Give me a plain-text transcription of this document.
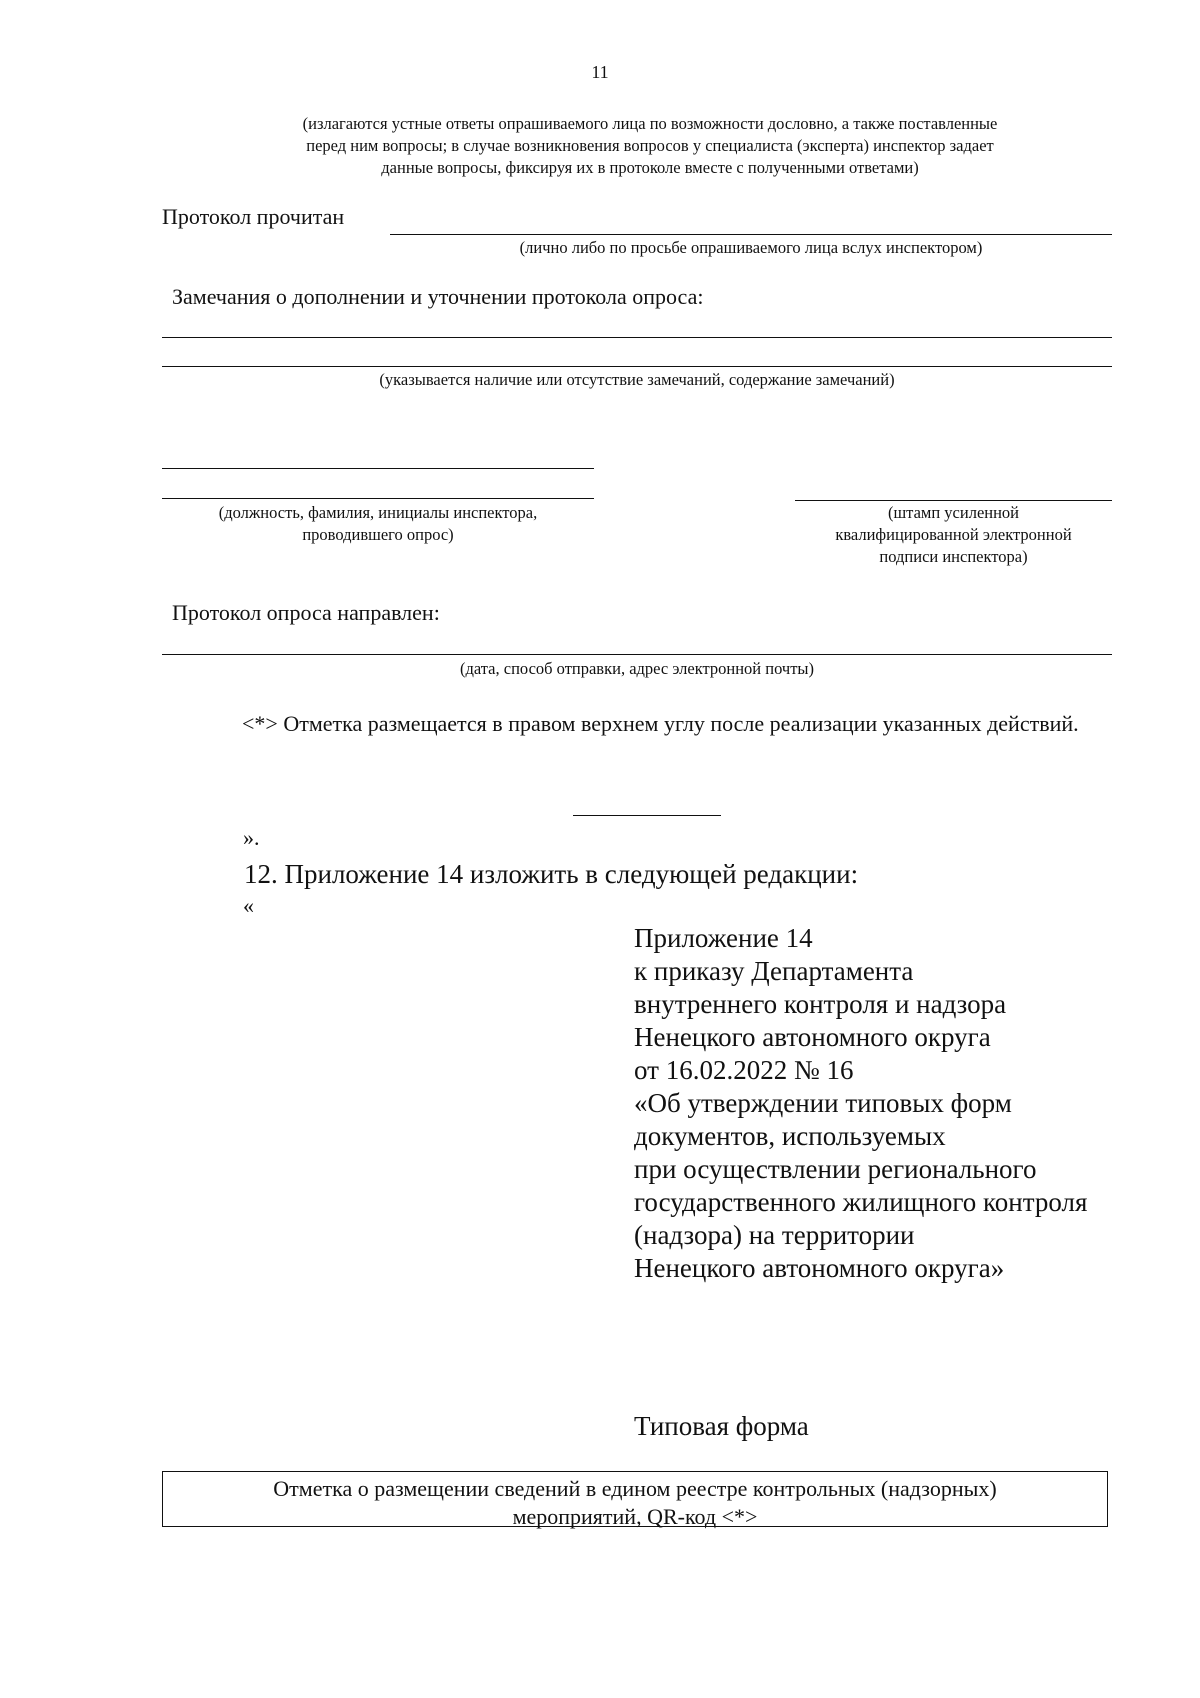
11
(излагаются устные ответы опрашиваемого лица по возможности дословно, а также поставленные
перед ним вопросы; в случае возникновения вопросов у специалиста (эксперта) инспектор задает
данные вопросы, фиксируя их в протоколе вместе с полученными ответами)
Протокол прочитан
(лично либо по просьбе опрашиваемого лица вслух инспектором)
Замечания о дополнении и уточнении протокола опроса:
(указывается наличие или отсутствие замечаний, содержание замечаний)
(должность, фамилия, инициалы инспектора,
проводившего опрос)
(штамп усиленной
квалифицированной электронной
подписи инспектора)
Протокол опроса направлен:
(дата, способ отправки, адрес электронной почты)
<*> Отметка размещается в правом верхнем углу после реализации указанных действий.
».
12. Приложение 14 изложить в следующей редакции:
«
Приложение 14
к приказу Департамента
внутреннего контроля и надзора
Ненецкого автономного округа
от 16.02.2022 № 16
«Об утверждении типовых форм
документов, используемых
при осуществлении регионального
государственного жилищного контроля
(надзора) на территории
Ненецкого автономного округа»
Типовая форма
Отметка о размещении сведений в едином реестре контрольных (надзорных)
мероприятий, QR-код <*>
